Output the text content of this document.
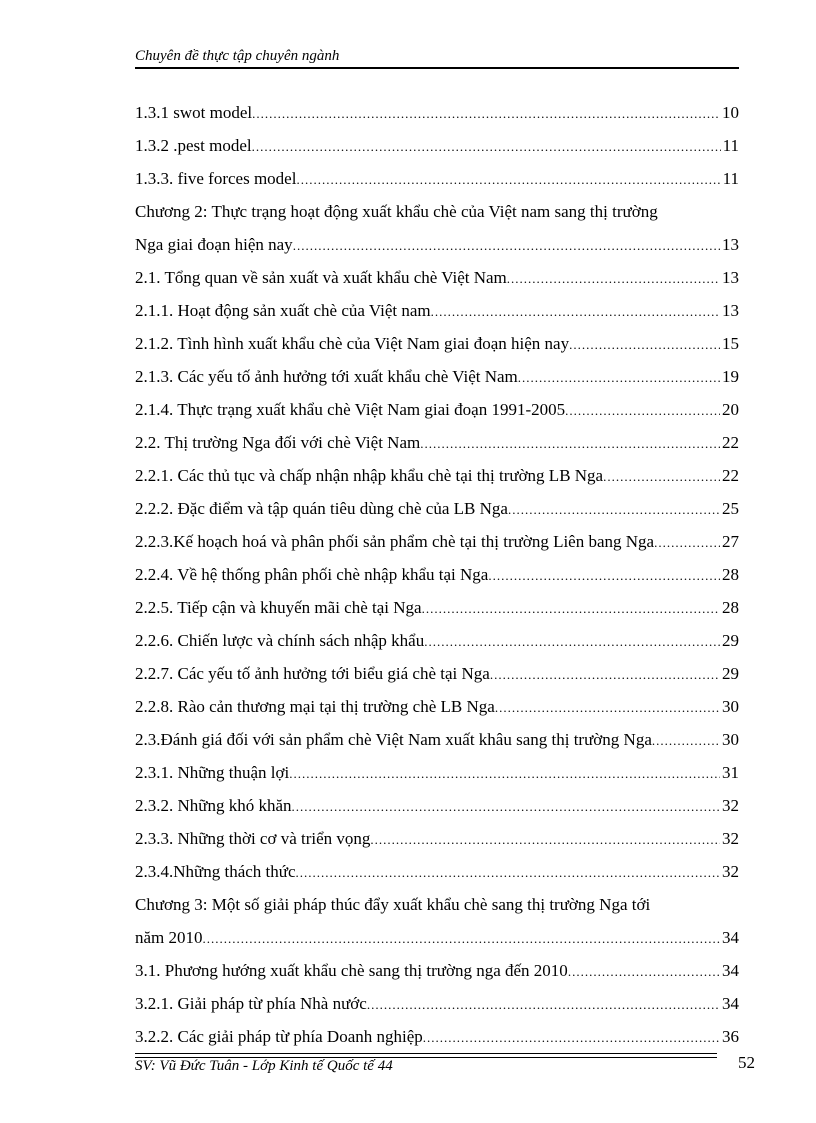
Chuyên đề thực tập chuyên ngành
1.3.1 swot model .....	10
1.3.2 .pest model .....	11
1.3.3. five forces model .....	11
Chương 2: Thực trạng hoạt động xuất khẩu chè của Việt nam sang thị trường
Nga giai đoạn hiện nay .....	13
2.1. Tổng quan về sản xuất và xuất khẩu chè Việt Nam .....	13
2.1.1. Hoạt động sản xuất chè của Việt nam .....	13
2.1.2. Tình hình xuất khẩu chè của Việt Nam giai đoạn hiện nay .....	15
2.1.3. Các yếu tố ảnh hưởng tới xuất khẩu chè Việt Nam .....	19
2.1.4. Thực trạng xuất khẩu chè Việt Nam giai đoạn 1991-2005 .....	20
2.2. Thị trường Nga đối với chè Việt Nam .....	22
2.2.1. Các thủ tục và chấp nhận nhập khẩu chè tại thị trường LB Nga .....	22
2.2.2. Đặc điểm và tập quán tiêu dùng chè của LB Nga .....	25
2.2.3.Kế hoạch hoá và phân phối sản phẩm chè tại thị trường Liên bang Nga .....	27
2.2.4. Về hệ thống phân phối chè nhập khẩu tại Nga .....	28
2.2.5. Tiếp cận và khuyến mãi chè tại Nga .....	28
2.2.6. Chiến lược và chính sách nhập khẩu .....	29
2.2.7. Các yếu tố ảnh hưởng tới biểu giá chè tại Nga .....	29
2.2.8. Rào cản thương mại tại thị trường chè LB Nga .....	30
2.3.Đánh giá đối với sản phẩm chè Việt Nam xuất khâu sang thị trường Nga .....	30
2.3.1. Những thuận lợi .....	31
2.3.2. Những khó khăn .....	32
2.3.3. Những thời cơ và triển vọng .....	32
2.3.4.Những thách thức .....	32
Chương 3: Một số giải pháp thúc đẩy xuất khẩu chè sang thị trường Nga tới
năm 2010 .....	34
3.1. Phương hướng xuất khẩu chè sang thị trường nga đến 2010 .....	34
3.2.1. Giải pháp từ phía Nhà nước .....	34
3.2.2. Các giải pháp từ phía Doanh nghiệp .....	36
SV: Vũ Đức Tuân - Lớp Kinh tế Quốc tế 44	52
